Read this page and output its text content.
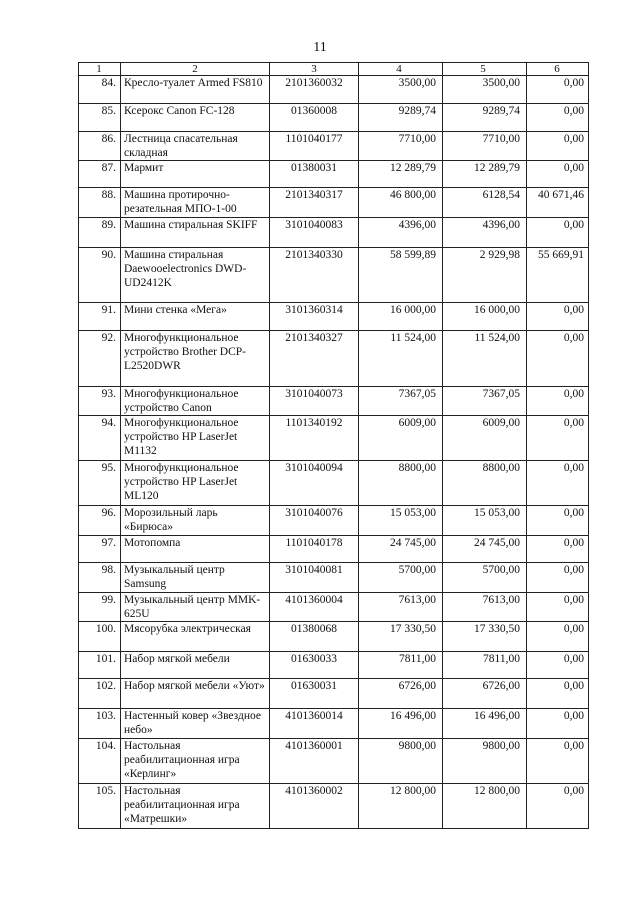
11
1	2	3	4	5	6
84.	Кресло-туалет Armed FS810	2101360032	3500,00	3500,00	0,00
85.	Ксерокс Canon FC-128	01360008	9289,74	9289,74	0,00
86.	Лестница спасательная складная	1101040177	7710,00	7710,00	0,00
87.	Мармит	01380031	12 289,79	12 289,79	0,00
88.	Машина протирочно-резательная МПО-1-00	2101340317	46 800,00	6128,54	40 671,46
89.	Машина стиральная SKIFF	3101040083	4396,00	4396,00	0,00
90.	Машина стиральная Daewooelectronics DWD-UD2412K	2101340330	58 599,89	2 929,98	55 669,91
91.	Мини стенка «Мега»	3101360314	16 000,00	16 000,00	0,00
92.	Многофункциональное устройство Brother DCP-L2520DWR	2101340327	11 524,00	11 524,00	0,00
93.	Многофункциональное устройство Canon	3101040073	7367,05	7367,05	0,00
94.	Многофункциональное устройство HP LaserJet M1132	1101340192	6009,00	6009,00	0,00
95.	Многофункциональное устройство HP LaserJet ML120	3101040094	8800,00	8800,00	0,00
96.	Морозильный ларь «Бирюса»	3101040076	15 053,00	15 053,00	0,00
97.	Мотопомпа	1101040178	24 745,00	24 745,00	0,00
98.	Музыкальный центр Samsung	3101040081	5700,00	5700,00	0,00
99.	Музыкальный центр MMK-625U	4101360004	7613,00	7613,00	0,00
100.	Мясорубка электрическая	01380068	17 330,50	17 330,50	0,00
101.	Набор мягкой мебели	01630033	7811,00	7811,00	0,00
102.	Набор мягкой мебели «Уют»	01630031	6726,00	6726,00	0,00
103.	Настенный ковер «Звездное небо»	4101360014	16 496,00	16 496,00	0,00
104.	Настольная реабилитационная игра «Керлинг»	4101360001	9800,00	9800,00	0,00
105.	Настольная реабилитационная игра «Матрешки»	4101360002	12 800,00	12 800,00	0,00
